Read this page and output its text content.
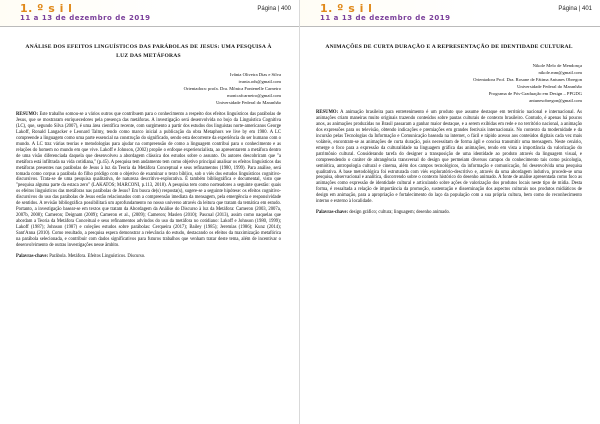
1. º s i l
11 a 13 de dezembro de 2019
Página | 400
ANÁLISE DOS EFEITOS LINGUÍSTICOS DAS PARÁBOLAS DE JESUS: UMA PESQUISA À LUZ DAS METÁFORAS
Ivânia Oliveira Dias e Silva
ivania.ods@gmail.com
Orientadora: profa. Dra. Mônica Fontenelle Carneiro
monicafcarneiro@gmail.com
Universidade Federal do Maranhão

RESUMO: Este trabalho somou-se a vários outros que contribuem para o conhecimento a respeito dos efeitos linguísticos das parábolas de Jesus, que se mostraram enriquecedores pela presença das metáforas. A investigação será desenvolvida no bojo da Linguística Cognitiva (LC), que, segundo Silva (2007), é uma área científica recente, com surgimento a partir dos estudos dos linguistas norte-americanos George Lakoff, Ronald Langacker e Leonard Talmy, tendo como marco inicial a publicação da obra Metaphors we live by em 1980. A LC compreende a linguagem como uma parte essencial na construção do significado, sendo esta decorrente da experiência do ser humano com o mundo. A LC traz várias teorias e metodologias para ajudar na compreensão de como a linguagem contribui para o conhecimento e as relações do homem no mundo em que vive. Lakoff e Johnson, (2002) propõe o enfoque experiencialista, ao apresentarem a metáfora dentro de uma visão diferenciada daquela que desenvolveu a abordagem clássica dos estudos sobre o assunto. Os autores descobriram que "a metáfora está infiltrada na vida cotidiana," (p.45). A pesquisa tem andamento tem como objetivo principal analisar os efeitos linguísticos das metáforas presentes nas parábolas de Jesus à luz da Teoria da Metáfora Conceptual e seus refinamentos (1980, 1999). Para análise, será tomada como corpus a parábola do filho pródigo com o objetivo de examinar o texto bíblico, sob o viés dos estudos linguísticos cognitivo-discursivos. Trata-se de uma pesquisa qualitativa, de natureza descritivo-explorativa. É também bibliográfica e documental, visto que "pesquisa alguma parte da estaca zero" (LAKATOS; MARCONI, p.113, 2018). A pesquisa tem como norteadores a seguinte questão: quais os efeitos linguísticos das metáforas nas parábolas de Jesus? Em busca de(s) resposta(s), sugere-se a seguinte hipótese: os efeitos cognitivo-discursivos do uso das parábolas de Jesus estão relacionados com a compreensão imediata da mensagem, pela emergência e responsividade de sentidos. A revisão bibliográfica possibilitará um aprofundamento no nosso universo através da leitura que tratam da temática em estudo. Portanto, a investigação basear-se em textos que tratam da Abordagem da Análise do Discurso à luz da Metáfora: Cameron (2003, 2007a, 2007b, 2008); Cameron; Deignam (2009); Cameron et al., (2009); Cameron; Maslen (2010); Pascual (2013), assim como naquelas que abordam a Teoria da Metáfora Conceitual e seus refinamentos advindos do uso da metáfora no cotidiano: Lakoff e Johnson (1980, 1999); Lakoff (1987); Johnson (1987) e coleções estudos sobre parábolas: Cerqueira (2017); Bailey (1985); Jeremias (1986); Kunz (2014); Sant'Anna (2010). Como resultado, a pesquisa espera demonstrar a relevância do estudo, destacando os efeitos da maximização metafórica na parábola selecionada, e contribuir com dados significativos para futuros trabalhos que venham tratar deste tema, além de incentivar o desenvolvimento de outras investigações nesse âmbito.

Palavras-chave: Parábola. Metáfora. Efeitos Linguísticos. Discurso.
1. º s i l
11 a 13 de dezembro de 2019
Página | 401
ANIMAÇÕES DE CURTA DURAÇÃO E A REPRESENTAÇÃO DE IDENTIDADE CULTURAL
Nikole Melo de Mendonça
nikole.mm@gmail.com
Orientadora Prof. Dra. Rosane de Fátima Antunes Obregon
Universidade Federal do Maranhão
Programa de Pós-Graduação em Design – PPGDG
antunesobregon@gmail.com

RESUMO: A animação brasileira para entretenimento é um produto que assume destaque em território nacional e internacional. As animações criam maneiras muito originais trazendo conteúdos sobre pautas culturais de contexto brasileiro. Contudo, é apenas há poucos anos, as animações produzidas no Brasil passaram a ganhar maior destaque, e a serem exibidas em rede e no território nacional, a animação dos expressões para os televisão, obtendo indicações e premiações em grandes festivais internacionais. No contexto da modernidade e da incursão pelas Tecnologias da Informação e Comunicação baseada na internet, o fácil e rápido acesso aos conteúdos digitais cada vez mais voláteis, encontram-se as animações de curta duração, pois necessitam de forma ágil e concisa transmitir uma mensagem. Neste cenário, emerge o foco para a expressão da culturalidade na linguagem gráfica das animações, tendo em vista a importância da valorização do patrimônio cultural. Considerando tarefa do designer a transposição de uma identidade ao produto através da linguagem visual, e compreendendo o caráter de abrangência transversal do design que permeiam diversos campos do conhecimento tais como psicologia, semiótica, antropologia cultural e cinema, além dos campos tecnológicos, da informação e comunicação, foi desenvolvida uma pesquisa qualitativa. A base metodológica foi estruturada com viés exploratório-descritivo e, através da uma abordagem indutiva, procede-se uma pesquisa, observacional e analítica, discorrendo sobre o contexto histórico do desenho animado. A fonte de análise apresentada como foco as animações como expressão de identidade cultural e articulando sobre ações de valorização dos produtos locais neste tipo de mídia. Desta forma, é ressaltada a relação de importância da promoção, sustentação e disseminação dos aspectos culturais nos produtos midiáticos de design em animação, para a apropriação e fortalecimento do laço da população com a sua própria cultura, bem como do reconhecimento interno e externo à localidade.

Palavras-chave: design gráfico; cultura; linguagem; desenho animado.
